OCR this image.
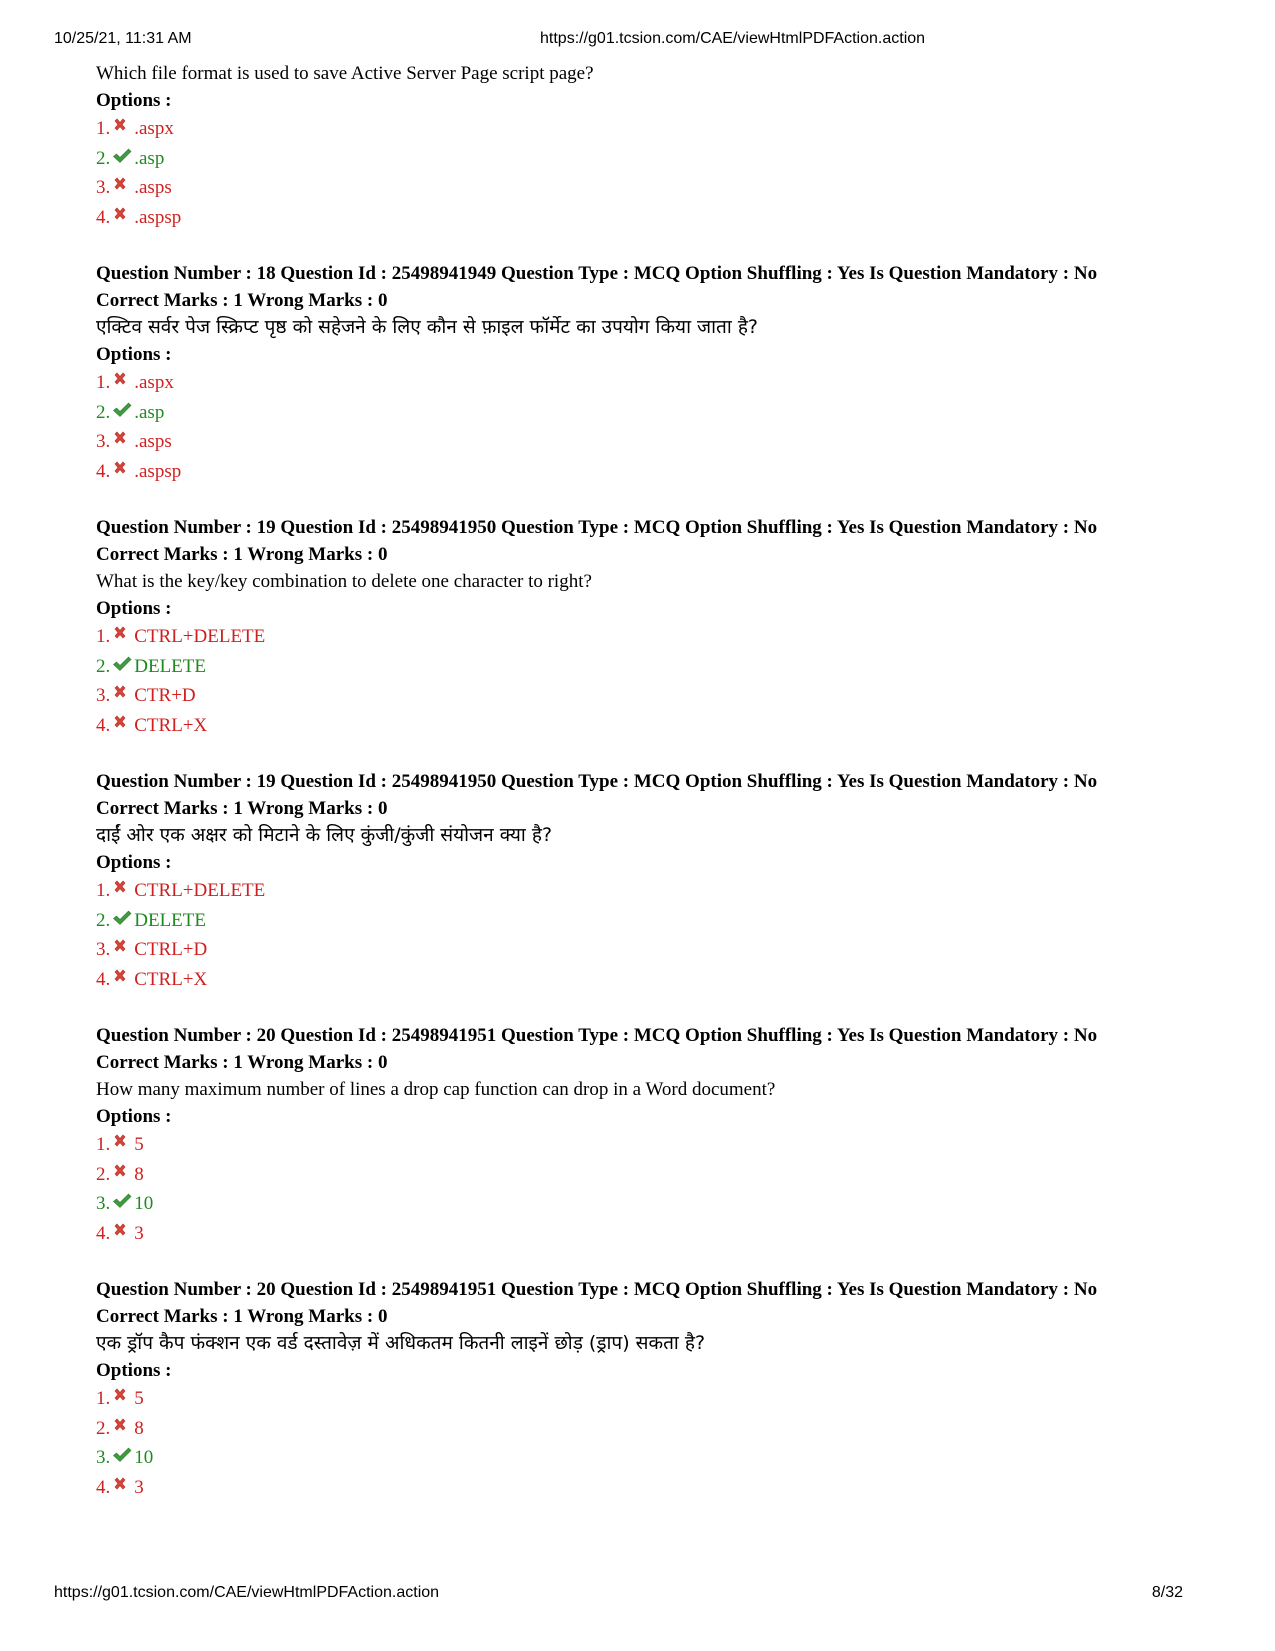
10/25/21, 11:31 AM	https://g01.tcsion.com/CAE/viewHtmlPDFAction.action
Which file format is used to save Active Server Page script page?
Options :
1. .aspx
2. .asp
3. .asps
4. .aspsp
Question Number : 18 Question Id : 25498941949 Question Type : MCQ Option Shuffling : Yes Is Question Mandatory : No
Correct Marks : 1 Wrong Marks : 0
एक्टिव सर्वर पेज स्क्रिप्ट पृष्ठ को सहेजने के लिए कौन से फ़ाइल फॉर्मेट का उपयोग किया जाता है?
Options :
1. .aspx
2. .asp
3. .asps
4. .aspsp
Question Number : 19 Question Id : 25498941950 Question Type : MCQ Option Shuffling : Yes Is Question Mandatory : No
Correct Marks : 1 Wrong Marks : 0
What is the key/key combination to delete one character to right?
Options :
1. CTRL+DELETE
2. DELETE
3. CTR+D
4. CTRL+X
Question Number : 19 Question Id : 25498941950 Question Type : MCQ Option Shuffling : Yes Is Question Mandatory : No
Correct Marks : 1 Wrong Marks : 0
दाईं ओर एक अक्षर को मिटाने के लिए कुंजी/कुंजी संयोजन क्या है?
Options :
1. CTRL+DELETE
2. DELETE
3. CTRL+D
4. CTRL+X
Question Number : 20 Question Id : 25498941951 Question Type : MCQ Option Shuffling : Yes Is Question Mandatory : No
Correct Marks : 1 Wrong Marks : 0
How many maximum number of lines a drop cap function can drop in a Word document?
Options :
1. 5
2. 8
3. 10
4. 3
Question Number : 20 Question Id : 25498941951 Question Type : MCQ Option Shuffling : Yes Is Question Mandatory : No
Correct Marks : 1 Wrong Marks : 0
एक ड्रॉप कैप फंक्शन एक वर्ड दस्तावेज़ में अधिकतम कितनी लाइनें छोड़ (ड्राप) सकता है?
Options :
1. 5
2. 8
3. 10
4. 3
https://g01.tcsion.com/CAE/viewHtmlPDFAction.action	8/32
